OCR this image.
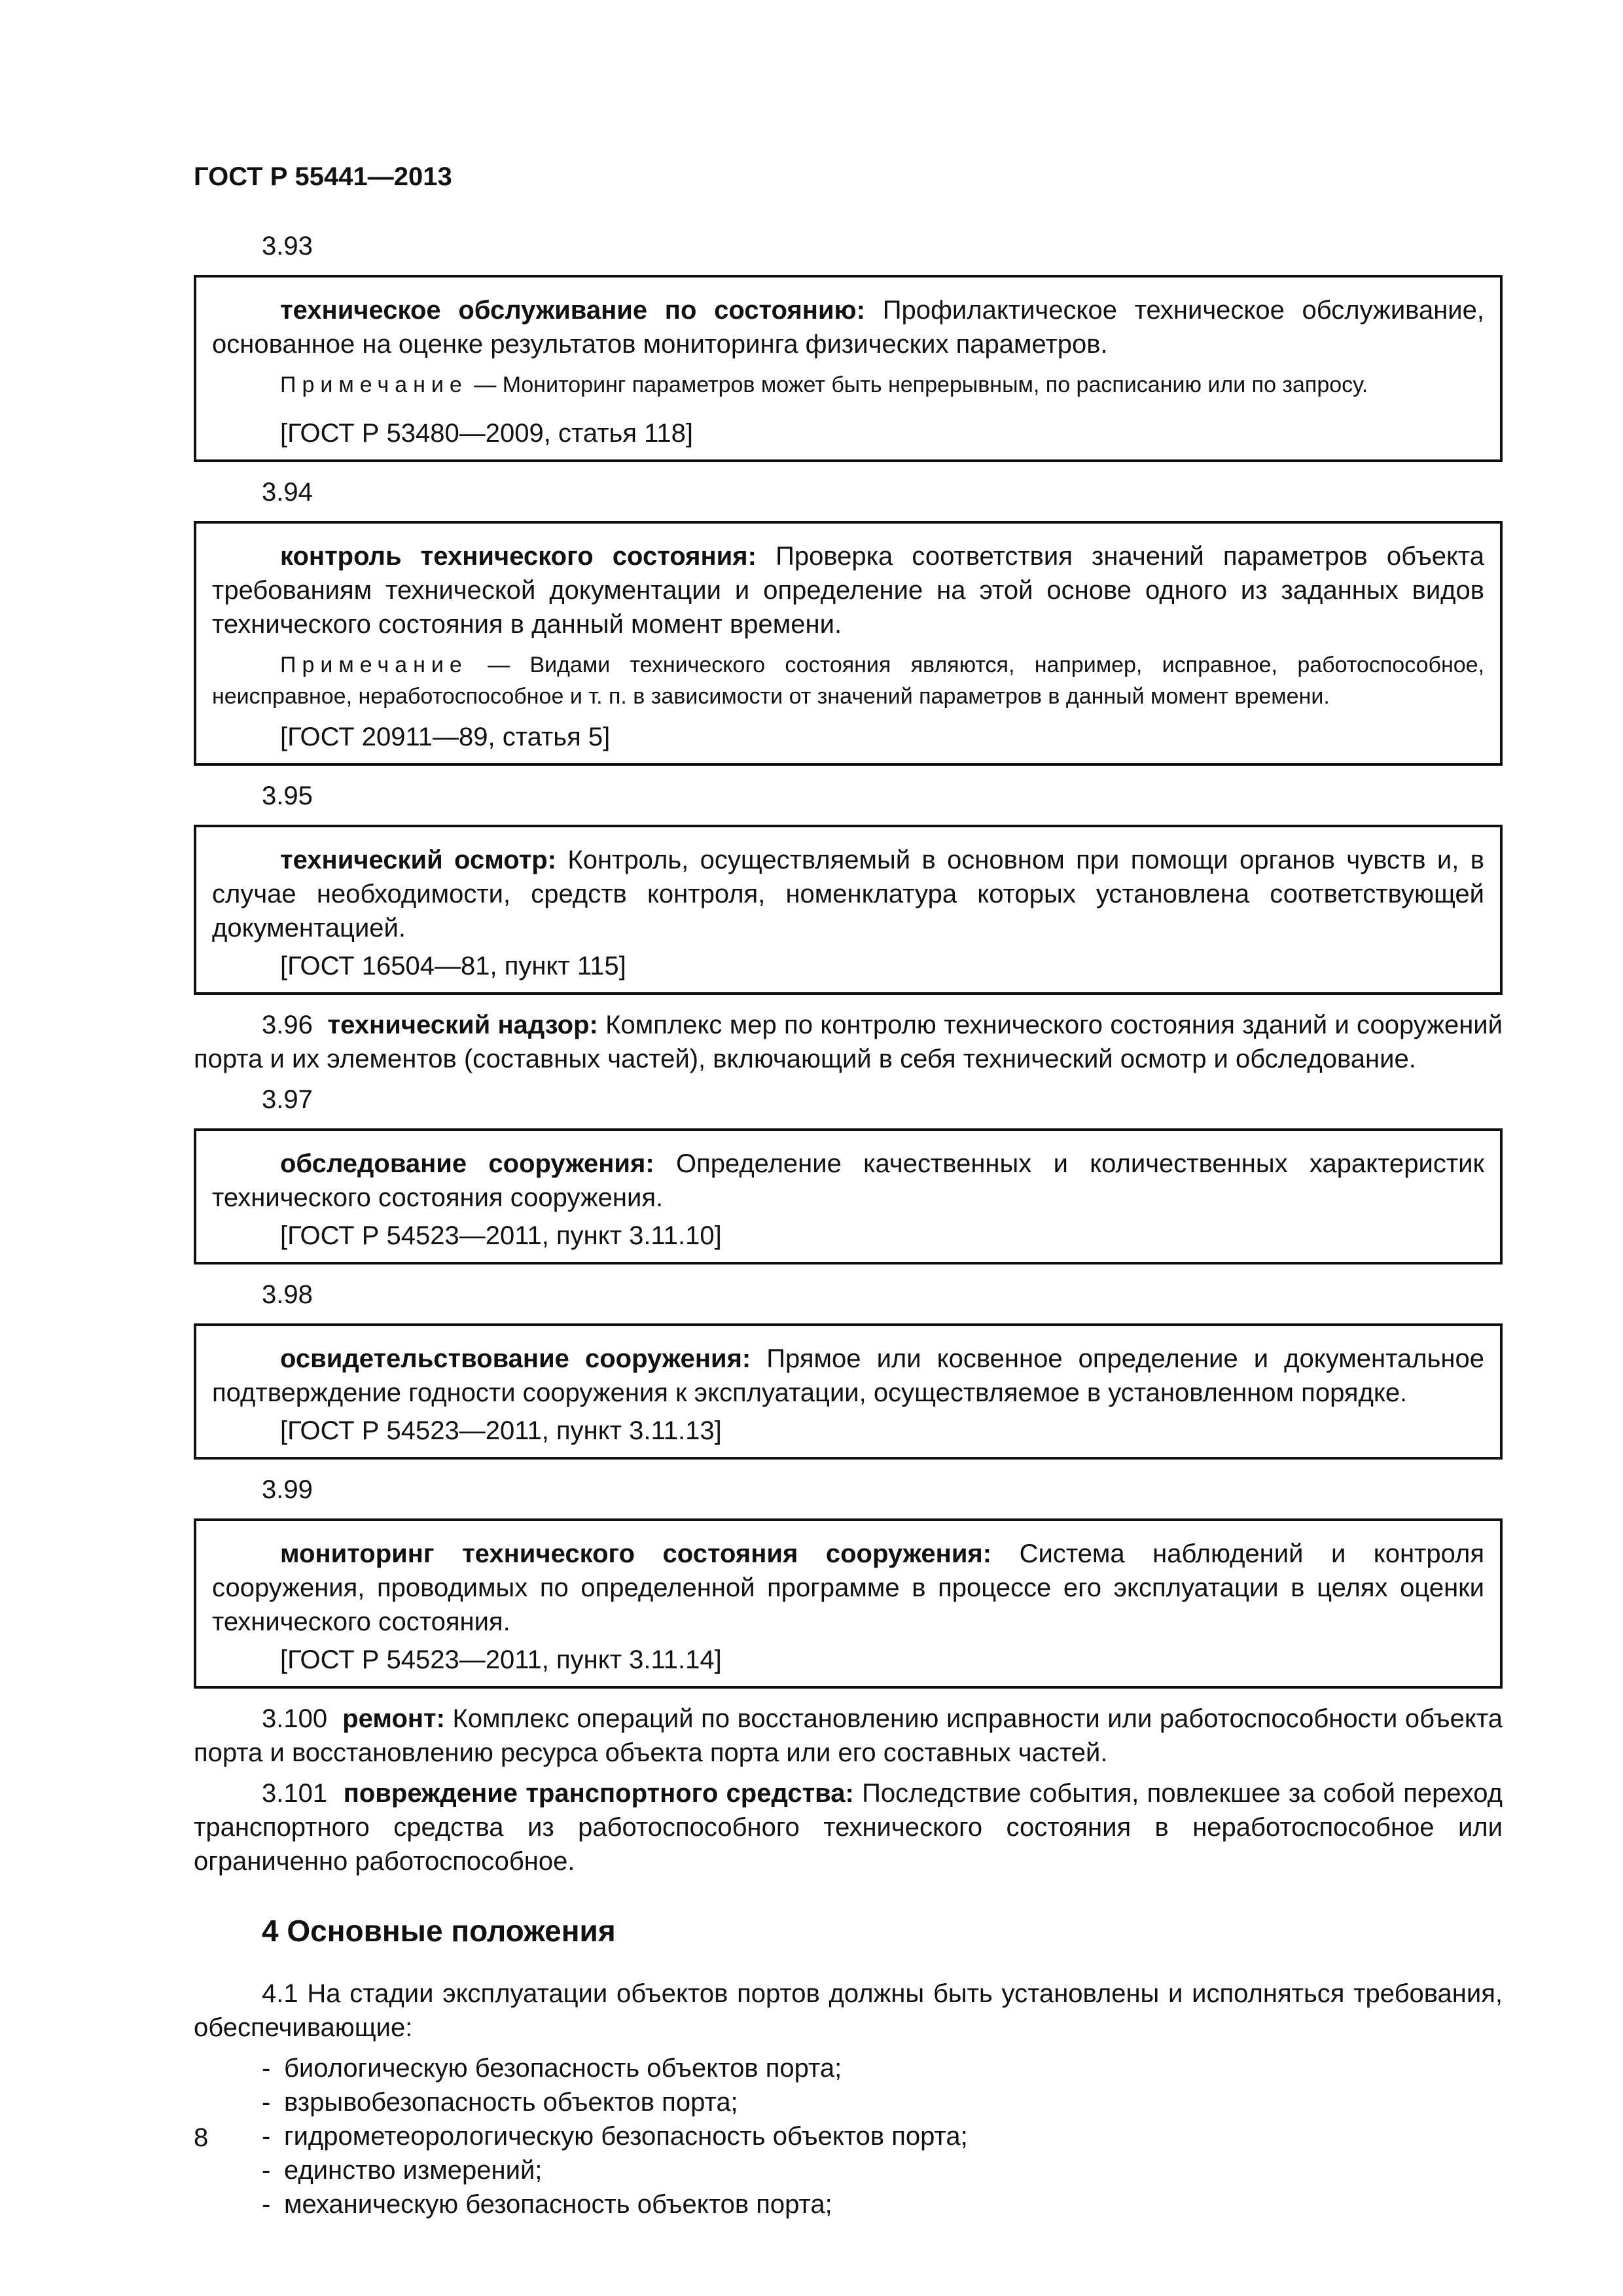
ГОСТ Р 55441—2013
3.93

техническое обслуживание по состоянию: Профилактическое техническое обслуживание, основанное на оценке результатов мониторинга физических параметров.

Примечание — Мониторинг параметров может быть непрерывным, по расписанию или по запросу.

[ГОСТ Р 53480—2009, статья 118]

3.94

контроль технического состояния: Проверка соответствия значений параметров объекта требованиям технической документации и определение на этой основе одного из заданных видов технического состояния в данный момент времени.

Примечание — Видами технического состояния являются, например, исправное, работоспособное, неисправное, неработоспособное и т. п. в зависимости от значений параметров в данный момент времени.

[ГОСТ 20911—89, статья 5]

3.95

технический осмотр: Контроль, осуществляемый в основном при помощи органов чувств и, в случае необходимости, средств контроля, номенклатура которых установлена соответствующей документацией.

[ГОСТ 16504—81, пункт 115]

3.96 технический надзор: Комплекс мер по контролю технического состояния зданий и сооружений порта и их элементов (составных частей), включающий в себя технический осмотр и обследование.

3.97

обследование сооружения: Определение качественных и количественных характеристик технического состояния сооружения.

[ГОСТ Р 54523—2011, пункт 3.11.10]

3.98

освидетельствование сооружения: Прямое или косвенное определение и документальное подтверждение годности сооружения к эксплуатации, осуществляемое в установленном порядке.

[ГОСТ Р 54523—2011, пункт 3.11.13]

3.99

мониторинг технического состояния сооружения: Система наблюдений и контроля сооружения, проводимых по определенной программе в процессе его эксплуатации в целях оценки технического состояния.

[ГОСТ Р 54523—2011, пункт 3.11.14]

3.100 ремонт: Комплекс операций по восстановлению исправности или работоспособности объекта порта и восстановлению ресурса объекта порта или его составных частей.

3.101 повреждение транспортного средства: Последствие события, повлекшее за собой переход транспортного средства из работоспособного технического состояния в неработоспособное или ограниченно работоспособное.

4 Основные положения

4.1 На стадии эксплуатации объектов портов должны быть установлены и исполняться требования, обеспечивающие:

- биологическую безопасность объектов порта;
- взрывобезопасность объектов порта;
- гидрометеорологическую безопасность объектов порта;
- единство измерений;
- механическую безопасность объектов порта;
8
